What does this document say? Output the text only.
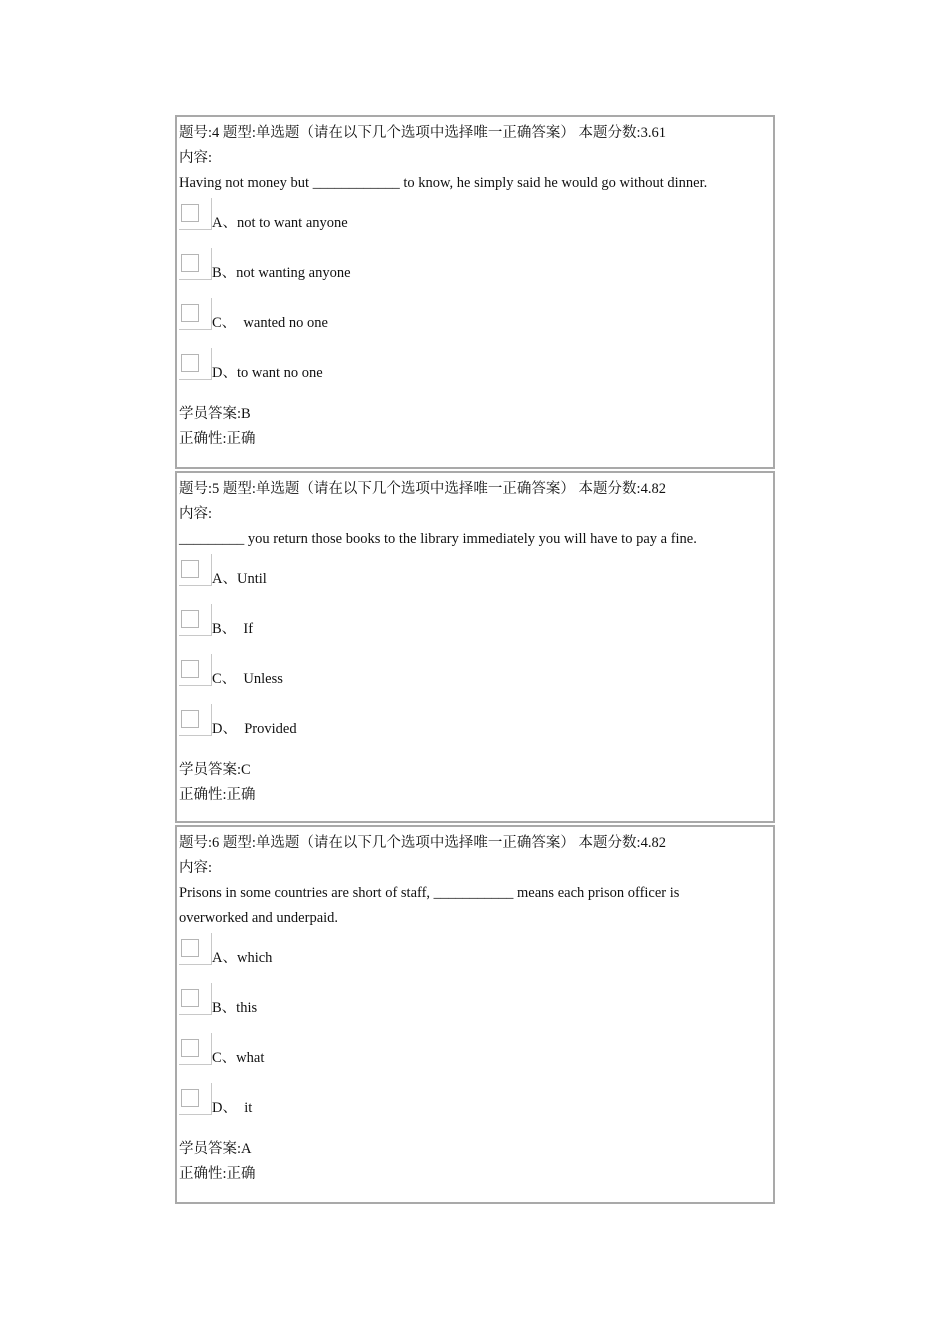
题号:4 题型:单选题（请在以下几个选项中选择唯一正确答案） 本题分数:3.61
内容:
Having not money but ____________ to know, he simply said he would go without dinner.
A、not to want anyone
B、not wanting anyone
C、  wanted no one
D、to want no one
学员答案:B
正确性:正确
题号:5 题型:单选题（请在以下几个选项中选择唯一正确答案） 本题分数:4.82
内容:
_________ you return those books to the library immediately you will have to pay a fine.
A、Until
B、  If
C、  Unless
D、  Provided
学员答案:C
正确性:正确
题号:6 题型:单选题（请在以下几个选项中选择唯一正确答案） 本题分数:4.82
内容:
Prisons in some countries are short of staff, ___________ means each prison officer is overworked and underpaid.
A、which
B、this
C、what
D、  it
学员答案:A
正确性:正确
